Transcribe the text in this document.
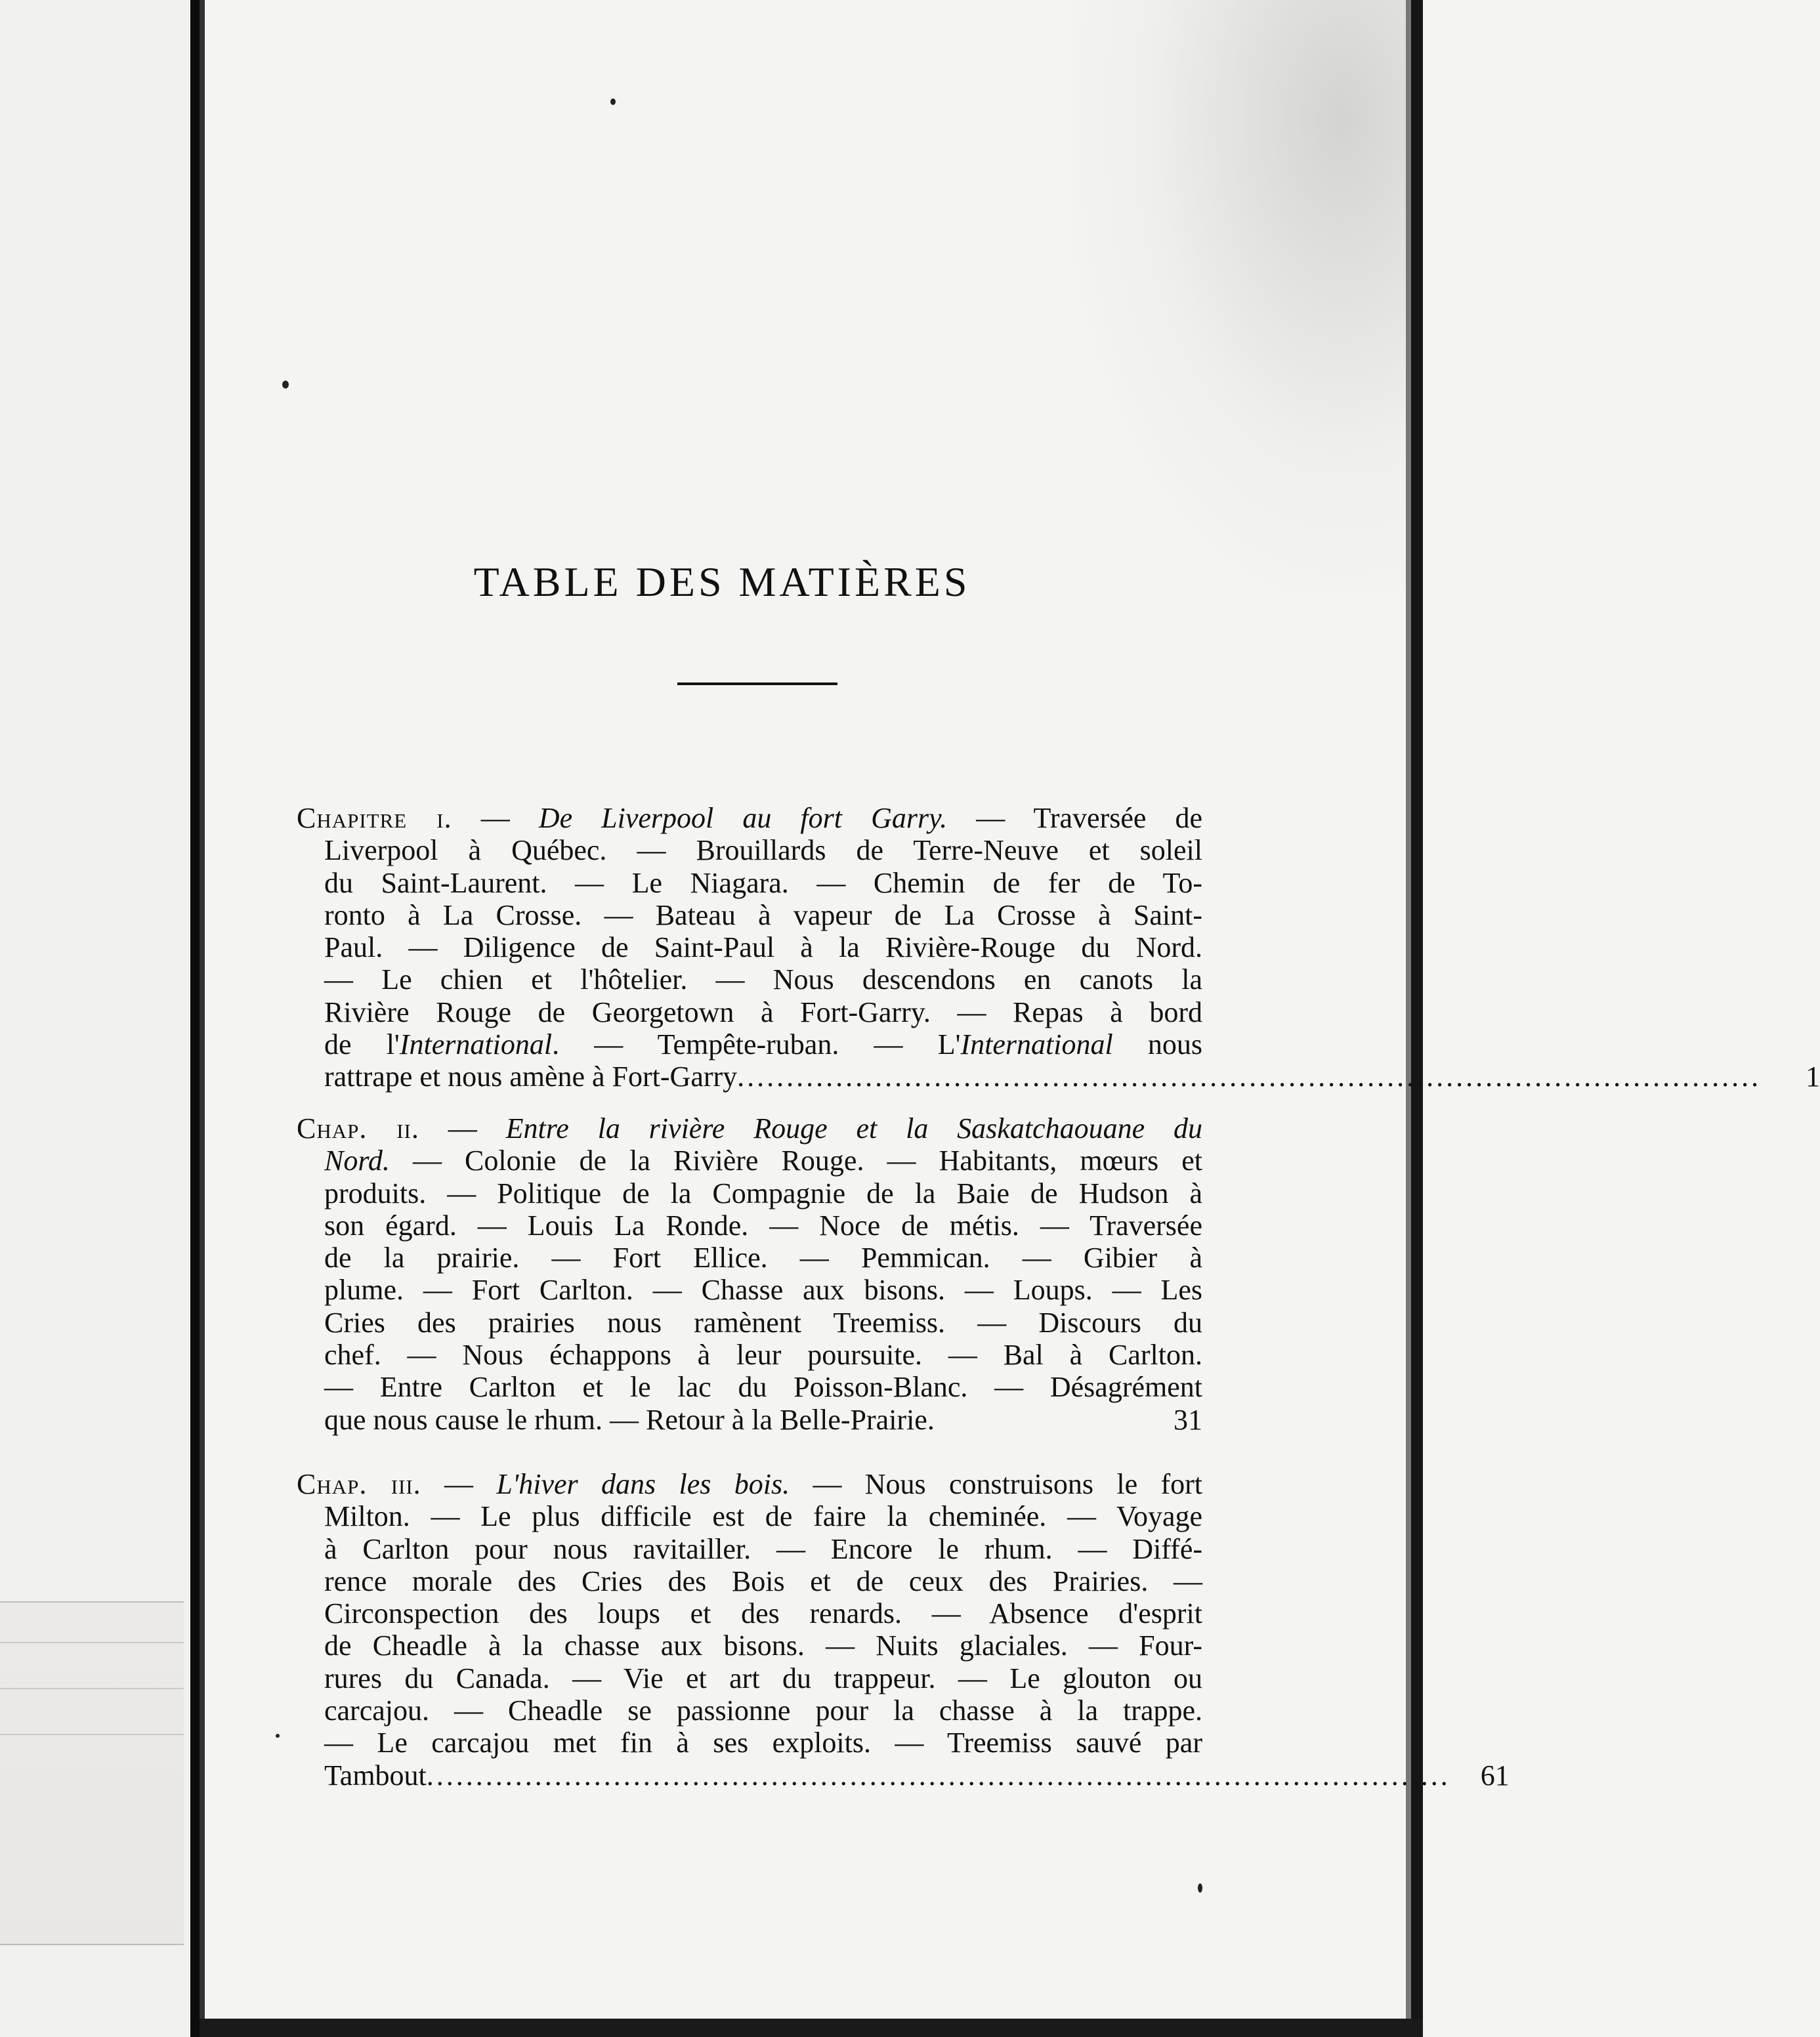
TABLE DES MATIÈRES
Chapitre i. — De Liverpool au fort Garry. — Traversée de
Liverpool à Québec. — Brouillards de Terre-Neuve et soleil
du Saint-Laurent. — Le Niagara. — Chemin de fer de To-
ronto à La Crosse. — Bateau à vapeur de La Crosse à Saint-
Paul. — Diligence de Saint-Paul à la Rivière-Rouge du Nord.
— Le chien et l'hôtelier. — Nous descendons en canots la
Rivière Rouge de Georgetown à Fort-Garry. — Repas à bord
de l'International. — Tempête-ruban. — L'International nous
rattrape et nous amène à Fort-Garry ........................................................................................................	1
Chap. ii. — Entre la rivière Rouge et la Saskatchaouane du
Nord. — Colonie de la Rivière Rouge. — Habitants, mœurs et
produits. — Politique de la Compagnie de la Baie de Hudson à
son égard. — Louis La Ronde. — Noce de métis. — Traversée
de la prairie. — Fort Ellice. — Pemmican. — Gibier à
plume. — Fort Carlton. — Chasse aux bisons. — Loups. — Les
Cries des prairies nous ramènent Treemiss. — Discours du
chef. — Nous échappons à leur poursuite. — Bal à Carlton.
— Entre Carlton et le lac du Poisson-Blanc. — Désagrément
que nous cause le rhum. — Retour à la Belle-Prairie.	31
Chap. iii. — L'hiver dans les bois. — Nous construisons le fort
Milton. — Le plus difficile est de faire la cheminée. — Voyage
à Carlton pour nous ravitailler. — Encore le rhum. — Diffé-
rence morale des Cries des Bois et de ceux des Prairies. —
Circonspection des loups et des renards. — Absence d'esprit
de Cheadle à la chasse aux bisons. — Nuits glaciales. — Four-
rures du Canada. — Vie et art du trappeur. — Le glouton ou
carcajou. — Cheadle se passionne pour la chasse à la trappe.
— Le carcajou met fin à ses exploits. — Treemiss sauvé par
Tambout ........................................................................................................	61
